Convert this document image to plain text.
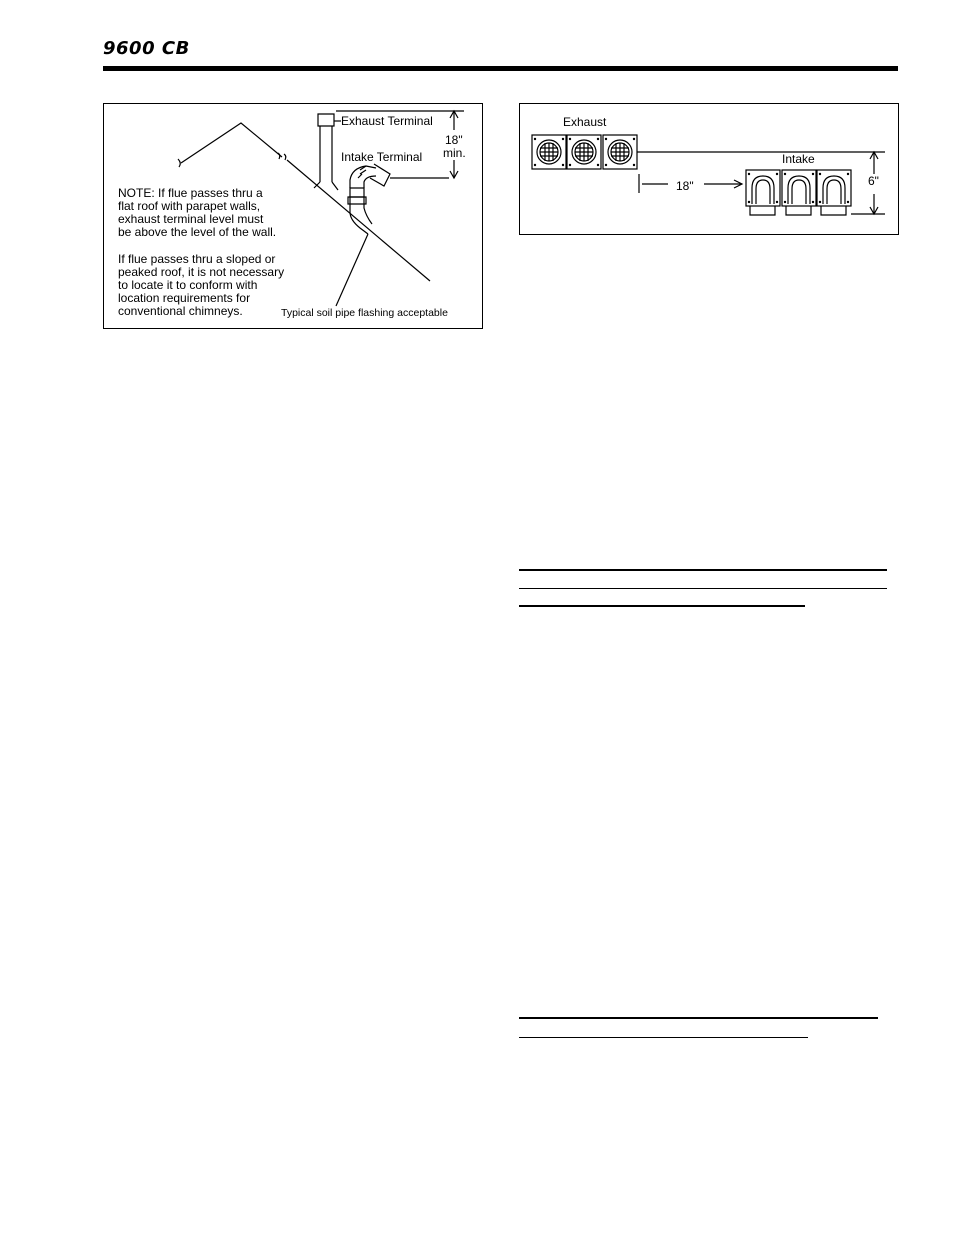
9600 CB
Exhaust Terminal
Intake Terminal
18"
min.
NOTE: If flue passes thru a
flat roof with parapet walls,
exhaust terminal level must
be above the level of the wall.
If flue passes thru a sloped or
peaked roof, it is not necessary
to locate it to conform with
location requirements for
conventional chimneys.	Typical soil pipe flashing acceptable
Exhaust
Intake
18"	6"
